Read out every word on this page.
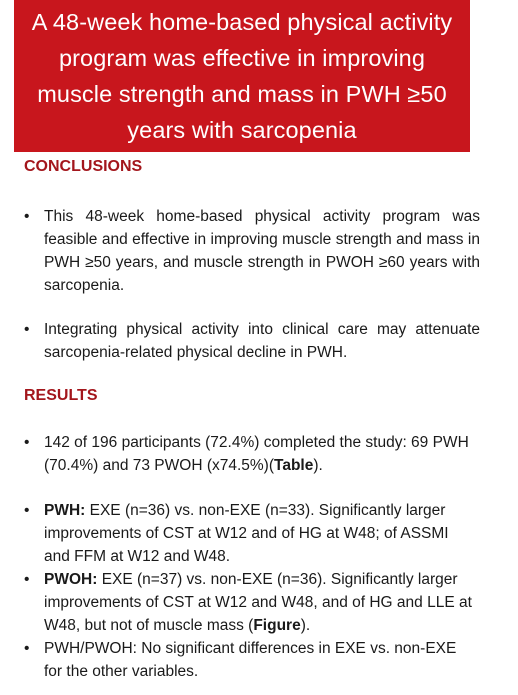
A 48-week home-based physical activity program was effective in improving muscle strength and mass in PWH ≥50 years with sarcopenia
CONCLUSIONS
• This 48-week home-based physical activity program was feasible and effective in improving muscle strength and mass in PWH ≥50 years, and muscle strength in PWOH ≥60 years with sarcopenia.
• Integrating physical activity into clinical care may attenuate sarcopenia-related physical decline in PWH.
RESULTS
• 142 of 196 participants (72.4%) completed the study: 69 PWH (70.4%) and 73 PWOH (x74.5%)(Table).
• PWH: EXE (n=36) vs. non-EXE (n=33). Significantly larger improvements of CST at W12 and of HG at W48; of ASSMI and FFM at W12 and W48.
• PWOH: EXE (n=37) vs. non-EXE (n=36). Significantly larger improvements of CST at W12 and W48, and of HG and LLE at W48, but not of muscle mass (Figure).
• PWH/PWOH: No significant differences in EXE vs. non-EXE for the other variables.
